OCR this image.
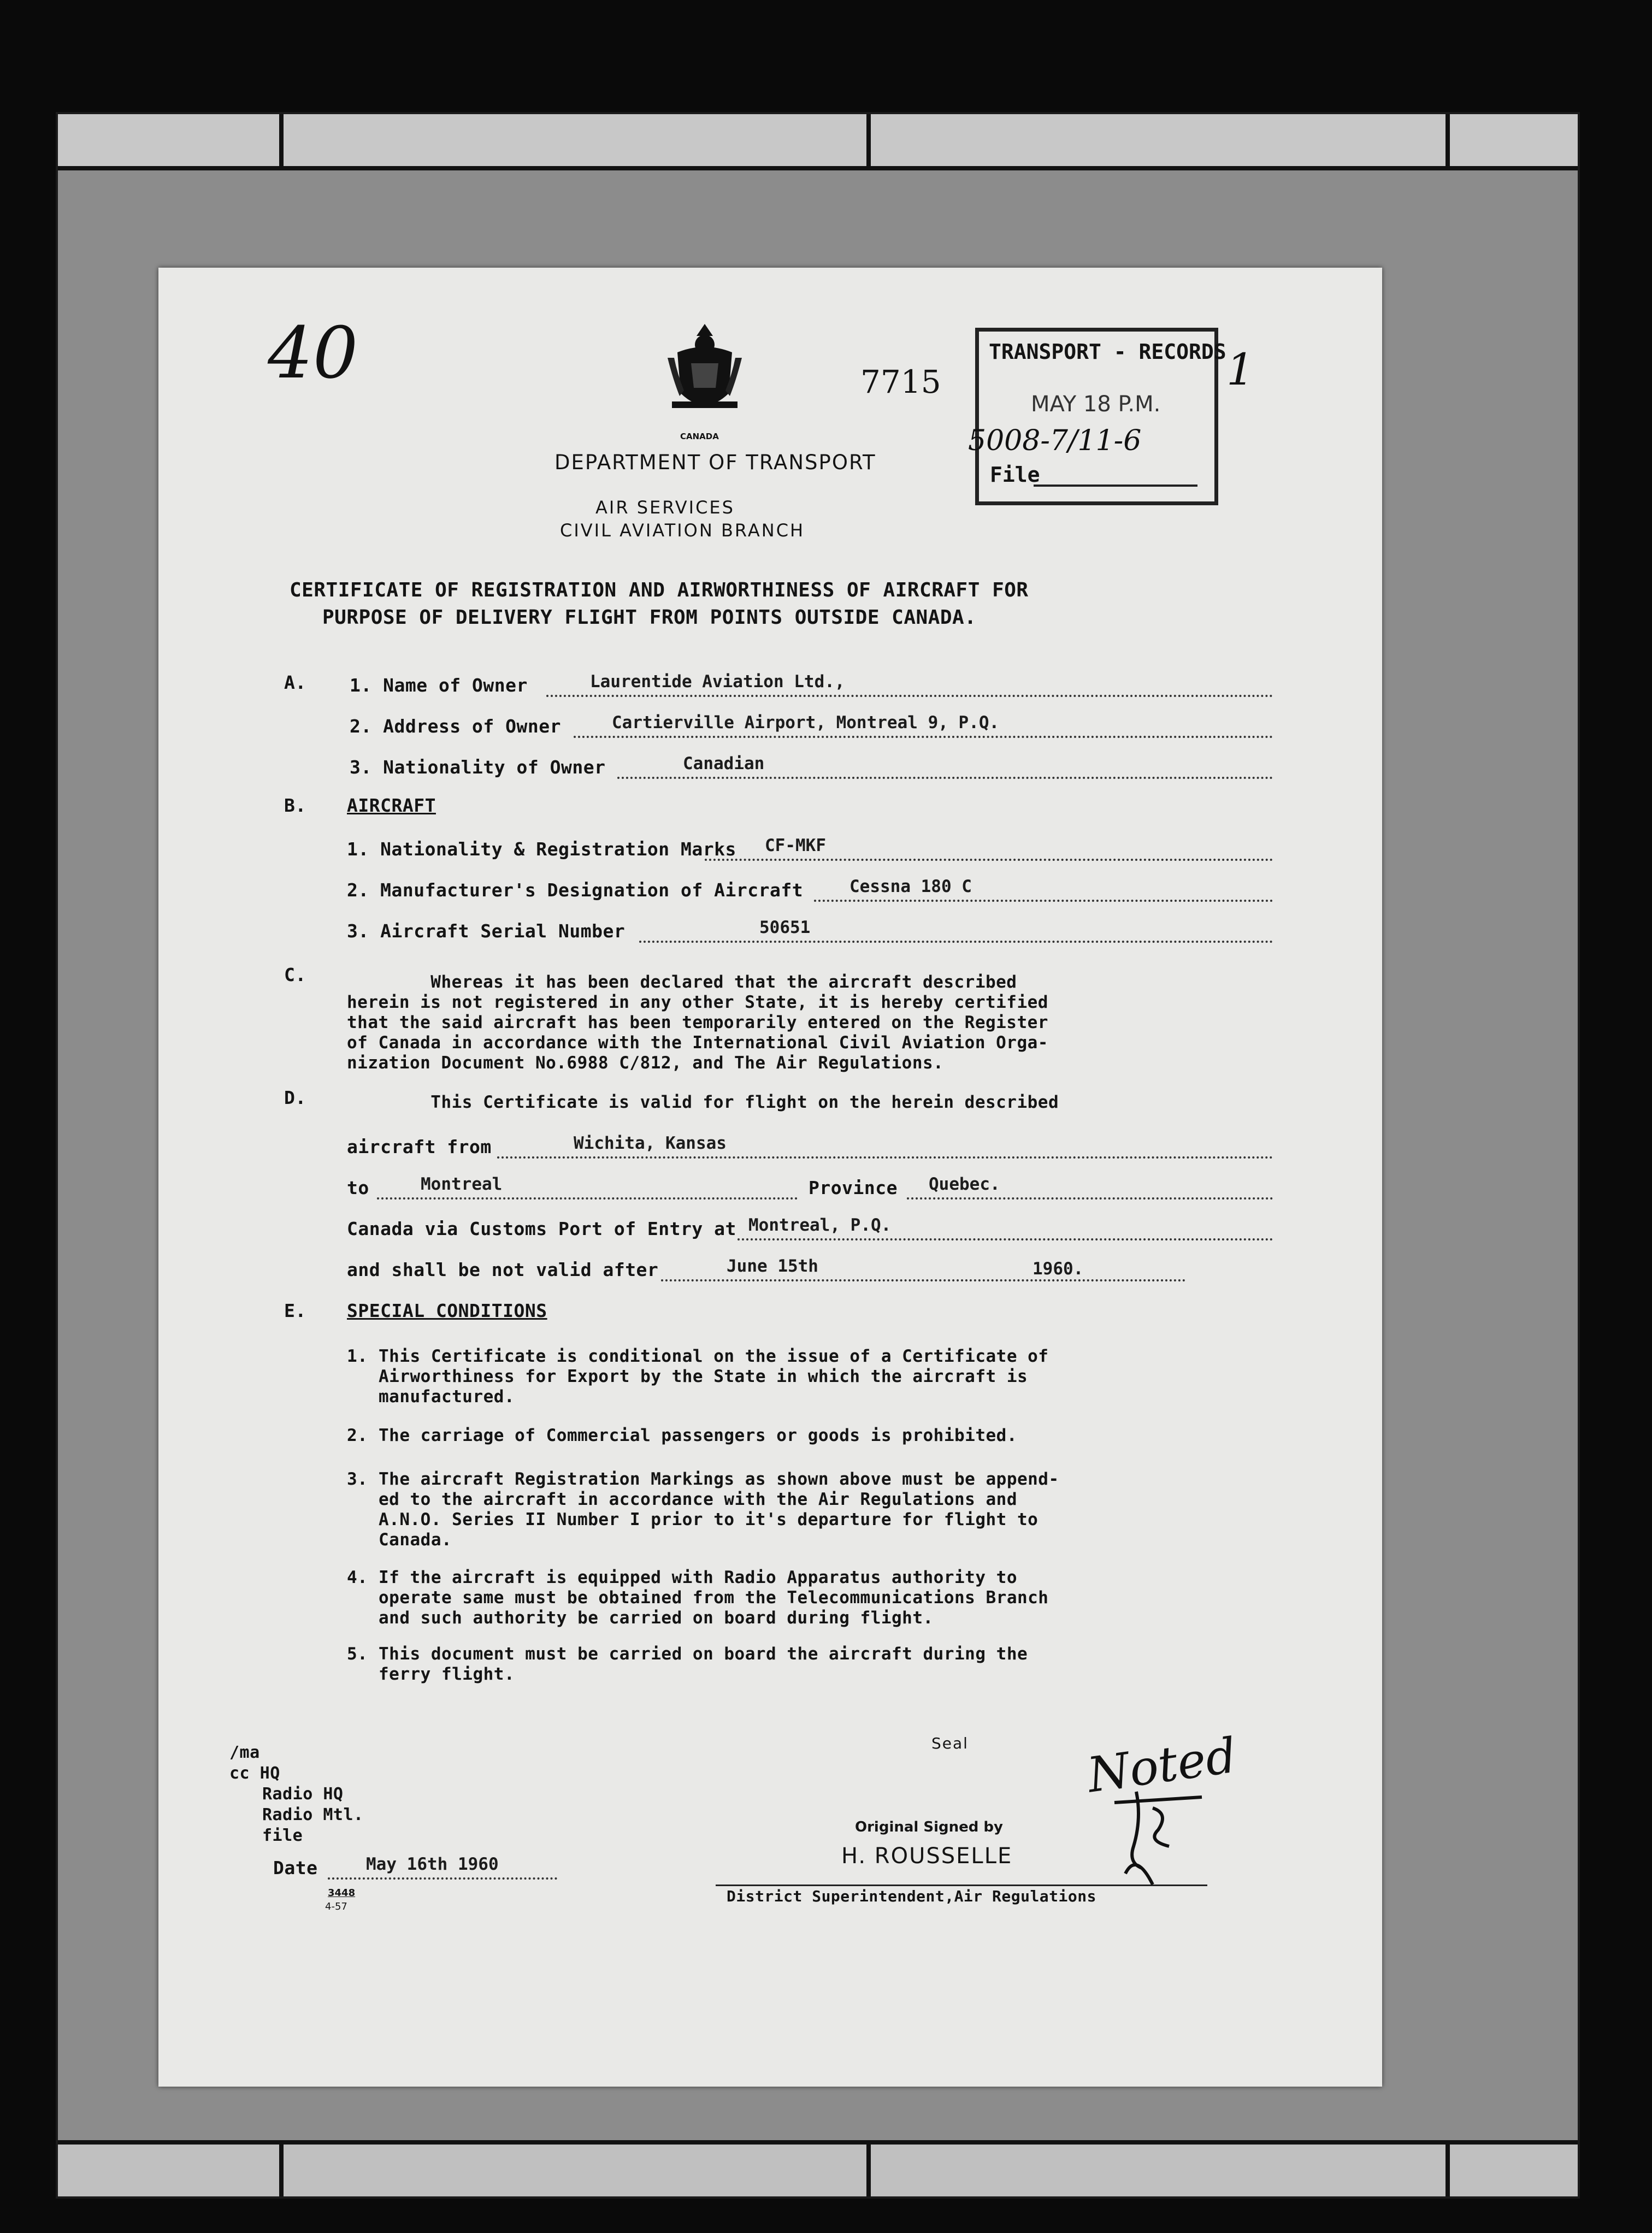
40
CANADA
7715
DEPARTMENT OF TRANSPORT
AIR SERVICES
CIVIL AVIATION BRANCH
TRANSPORT - RECORDS
MAY 18 P.M.
5008-7/11-6
File
1
CERTIFICATE OF REGISTRATION AND AIRWORTHINESS OF AIRCRAFT FOR
PURPOSE OF DELIVERY FLIGHT FROM POINTS OUTSIDE CANADA.
A. 1. Name of Owner	Laurentide Aviation Ltd.,
2. Address of Owner	Cartierville Airport, Montreal 9, P.Q.
3. Nationality of Owner	Canadian
B. AIRCRAFT
1. Nationality & Registration Marks CF-MKF
2. Manufacturer's Designation of Aircraft	Cessna 180 C
3. Aircraft Serial Number	50651
C. Whereas it has been declared that the aircraft described
herein is not registered in any other State, it is hereby certified
that the said aircraft has been temporarily entered on the Register
of Canada in accordance with the International Civil Aviation Orga-
nization Document No.6988 C/812, and The Air Regulations.
D. This Certificate is valid for flight on the herein described
aircraft from	Wichita, Kansas
to	Montreal	Province Quebec.
Canada via Customs Port of Entry at Montreal, P.Q.
and shall be not valid after	June 15th	1960.
E. SPECIAL CONDITIONS
1. This Certificate is conditional on the issue of a Certificate of
Airworthiness for Export by the State in which the aircraft is
manufactured.
2. The carriage of Commercial passengers or goods is prohibited.
3. The aircraft Registration Markings as shown above must be append-
ed to the aircraft in accordance with the Air Regulations and
A.N.O. Series II Number I prior to it's departure for flight to
Canada.
4. If the aircraft is equipped with Radio Apparatus authority to
operate same must be obtained from the Telecommunications Branch
and such authority be carried on board during flight.
5. This document must be carried on board the aircraft during the
ferry flight.
Seal
/ma
cc HQ
Radio HQ
Radio Mtl.
file
Date	May 16th 1960
3448
4-57
Original Signed by
H. ROUSSELLE
District Superintendent,Air Regulations
Noted
